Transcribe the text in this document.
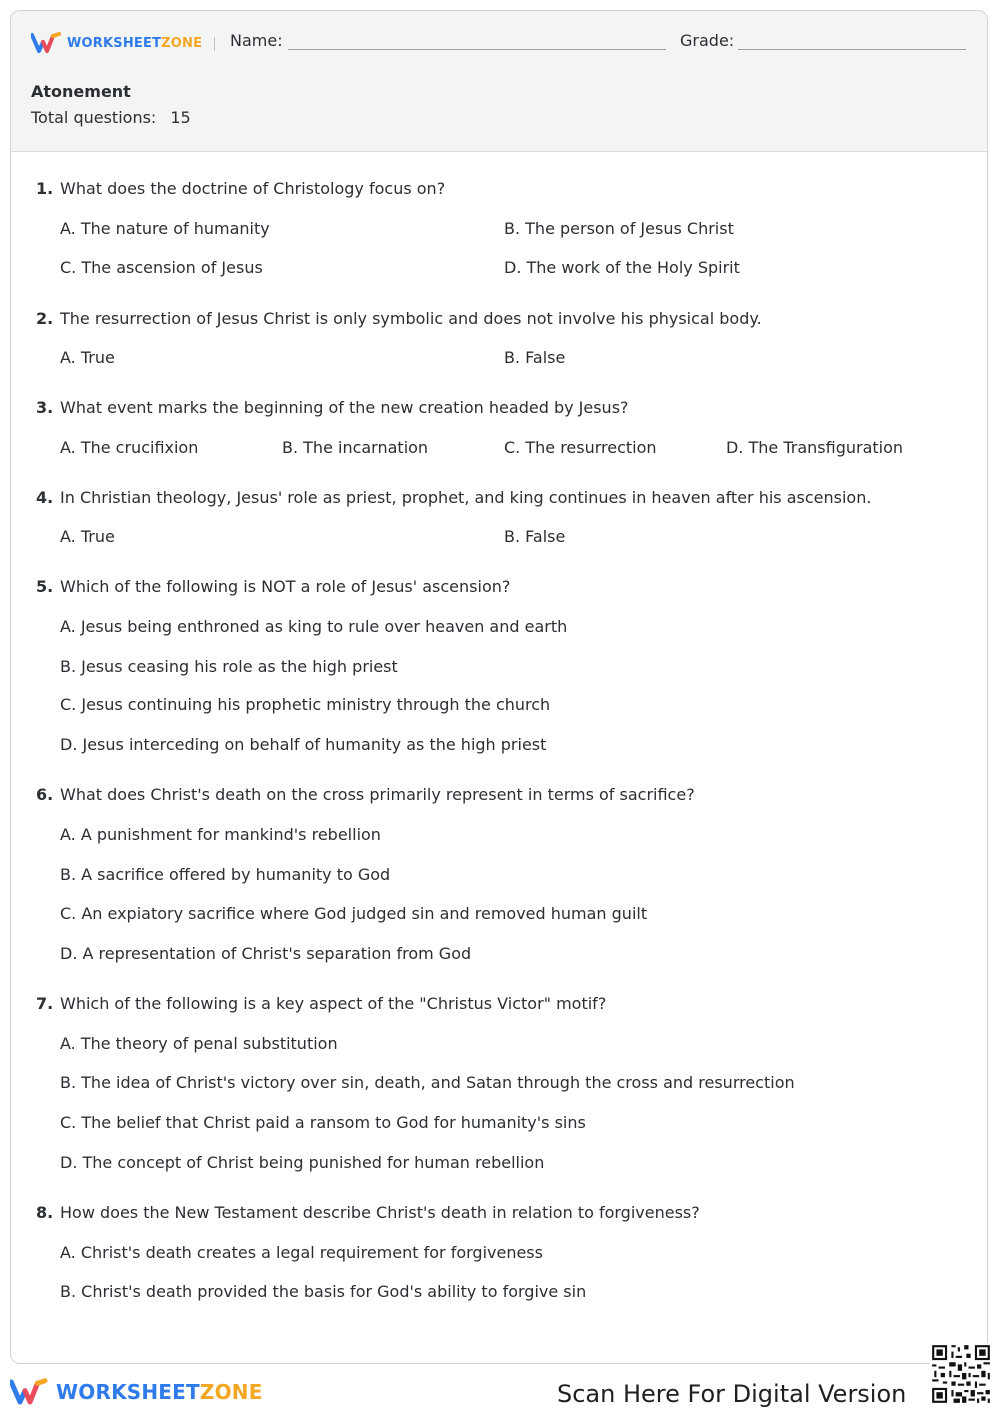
WORKSHEETZONE Name:	Grade:
Atonement
Total questions: 15
1. What does the doctrine of Christology focus on?
A. The nature of humanity	B. The person of Jesus Christ
C. The ascension of Jesus	D. The work of the Holy Spirit
2. The resurrection of Jesus Christ is only symbolic and does not involve his physical body.
A. True	B. False
3. What event marks the beginning of the new creation headed by Jesus?
A. The crucifixion	B. The incarnation	C. The resurrection	D. The Transfiguration
4. In Christian theology, Jesus' role as priest, prophet, and king continues in heaven after his ascension.
A. True	B. False
5. Which of the following is NOT a role of Jesus' ascension?
A. Jesus being enthroned as king to rule over heaven and earth
B. Jesus ceasing his role as the high priest
C. Jesus continuing his prophetic ministry through the church
D. Jesus interceding on behalf of humanity as the high priest
6. What does Christ's death on the cross primarily represent in terms of sacrifice?
A. A punishment for mankind's rebellion
B. A sacrifice offered by humanity to God
C. An expiatory sacrifice where God judged sin and removed human guilt
D. A representation of Christ's separation from God
7. Which of the following is a key aspect of the "Christus Victor" motif?
A. The theory of penal substitution
B. The idea of Christ's victory over sin, death, and Satan through the cross and resurrection
C. The belief that Christ paid a ransom to God for humanity's sins
D. The concept of Christ being punished for human rebellion
8. How does the New Testament describe Christ's death in relation to forgiveness?
A. Christ's death creates a legal requirement for forgiveness
B. Christ's death provided the basis for God's ability to forgive sin
WORKSHEETZONE	Scan Here For Digital Version
